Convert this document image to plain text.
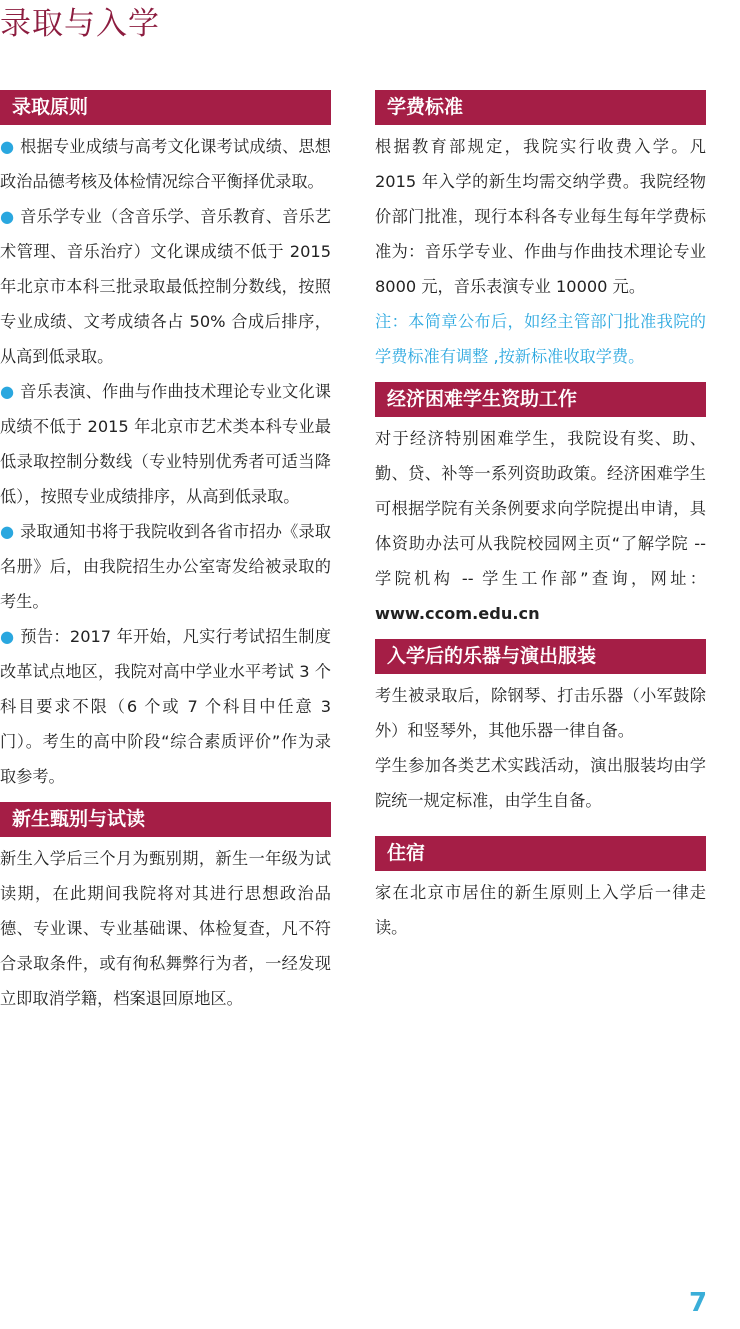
录取与入学
录取原则

● 根据专业成绩与高考文化课考试成绩、思想政治品德考核及体检情况综合平衡择优录取。

● 音乐学专业（含音乐学、音乐教育、音乐艺术管理、音乐治疗）文化课成绩不低于 2015 年北京市本科三批录取最低控制分数线，按照专业成绩、文考成绩各占 50% 合成后排序，从高到低录取。

● 音乐表演、作曲与作曲技术理论专业文化课成绩不低于 2015 年北京市艺术类本科专业最低录取控制分数线（专业特别优秀者可适当降低），按照专业成绩排序，从高到低录取。

● 录取通知书将于我院收到各省市招办《录取名册》后，由我院招生办公室寄发给被录取的考生。

● 预告：2017 年开始，凡实行考试招生制度改革试点地区，我院对高中学业水平考试 3 个科目要求不限（6 个或 7 个科目中任意 3 门）。考生的高中阶段“综合素质评价”作为录取参考。

新生甄别与试读

新生入学后三个月为甄别期，新生一年级为试读期，在此期间我院将对其进行思想政治品德、专业课、专业基础课、体检复查，凡不符合录取条件，或有徇私舞弊行为者，一经发现立即取消学籍，档案退回原地区。

学费标准

根据教育部规定，我院实行收费入学。凡 2015 年入学的新生均需交纳学费。我院经物价部门批准，现行本科各专业每生每年学费标准为：音乐学专业、作曲与作曲技术理论专业 8000 元，音乐表演专业 10000 元。

注：本简章公布后，如经主管部门批准我院的学费标准有调整 ,按新标准收取学费。

经济困难学生资助工作

对于经济特别困难学生，我院设有奖、助、勤、贷、补等一系列资助政策。经济困难学生可根据学院有关条例要求向学院提出申请，具体资助办法可从我院校园网主页“了解学院 -- 学院机构 -- 学生工作部”查询，网址：www.ccom.edu.cn

入学后的乐器与演出服装

考生被录取后，除钢琴、打击乐器（小军鼓除外）和竖琴外，其他乐器一律自备。

学生参加各类艺术实践活动，演出服装均由学院统一规定标准，由学生自备。

住宿

家在北京市居住的新生原则上入学后一律走读。

7
